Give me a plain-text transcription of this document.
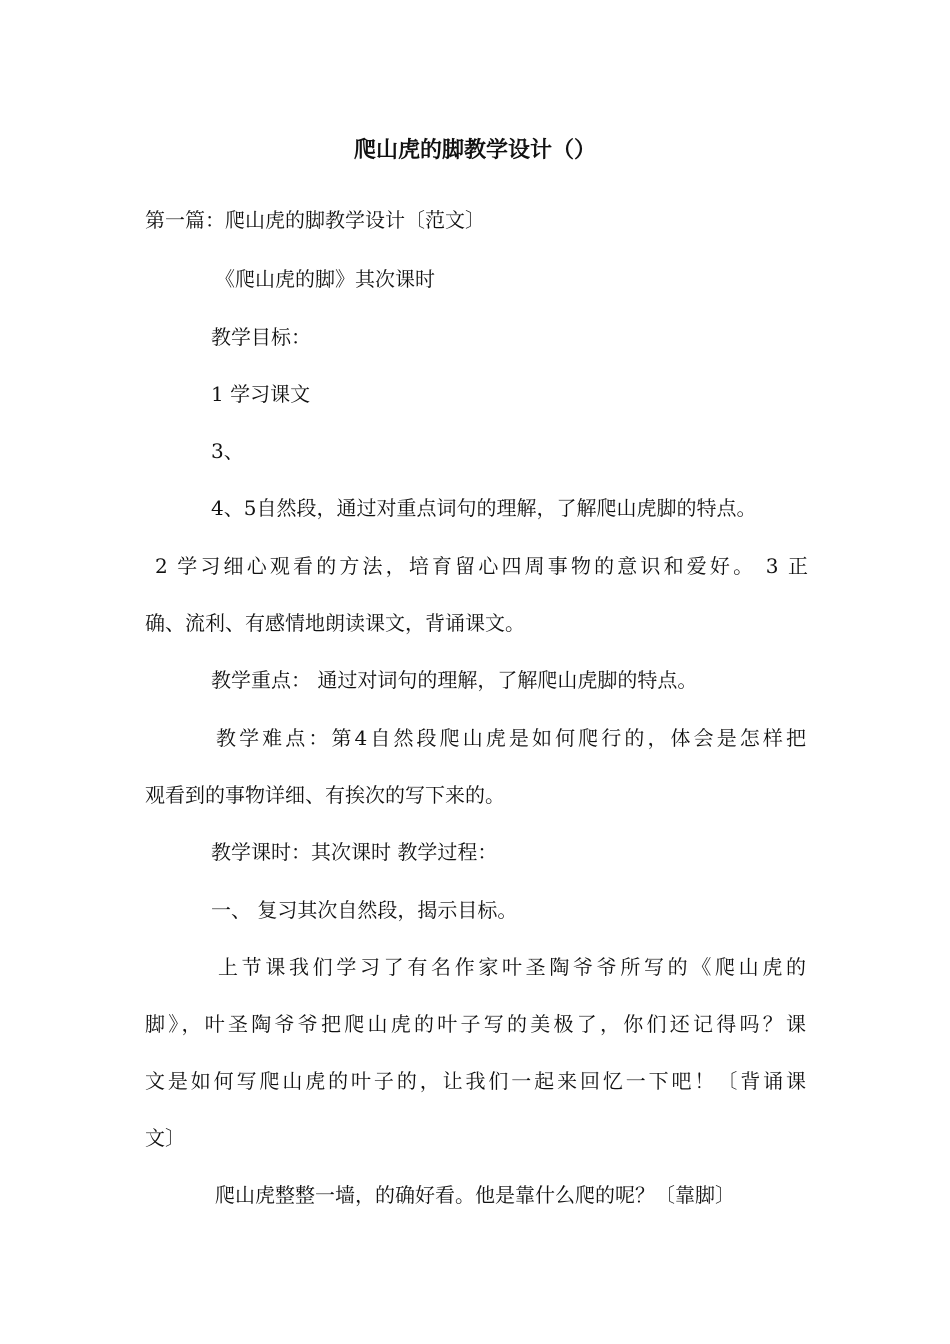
爬山虎的脚教学设计（）
第一篇：爬山虎的脚教学设计〔范文〕
《爬山虎的脚》其次课时
教学目标：
1 学习课文
3、
4、5自然段，通过对重点词句的理解，了解爬山虎脚的特点。
2 学习细心观看的方法，培育留心四周事物的意识和爱好。 3 正
确、流利、有感情地朗读课文，背诵课文。
教学重点： 通过对词句的理解，了解爬山虎脚的特点。
教学难点：第4自然段爬山虎是如何爬行的，体会是怎样把
观看到的事物详细、有挨次的写下来的。
教学课时：其次课时 教学过程：
一、 复习其次自然段，揭示目标。
上节课我们学习了有名作家叶圣陶爷爷所写的《爬山虎的
脚》，叶圣陶爷爷把爬山虎的叶子写的美极了，你们还记得吗？课
文是如何写爬山虎的叶子的，让我们一起来回忆一下吧！〔背诵课
文〕
爬山虎整整一墙，的确好看。他是靠什么爬的呢？〔靠脚〕
